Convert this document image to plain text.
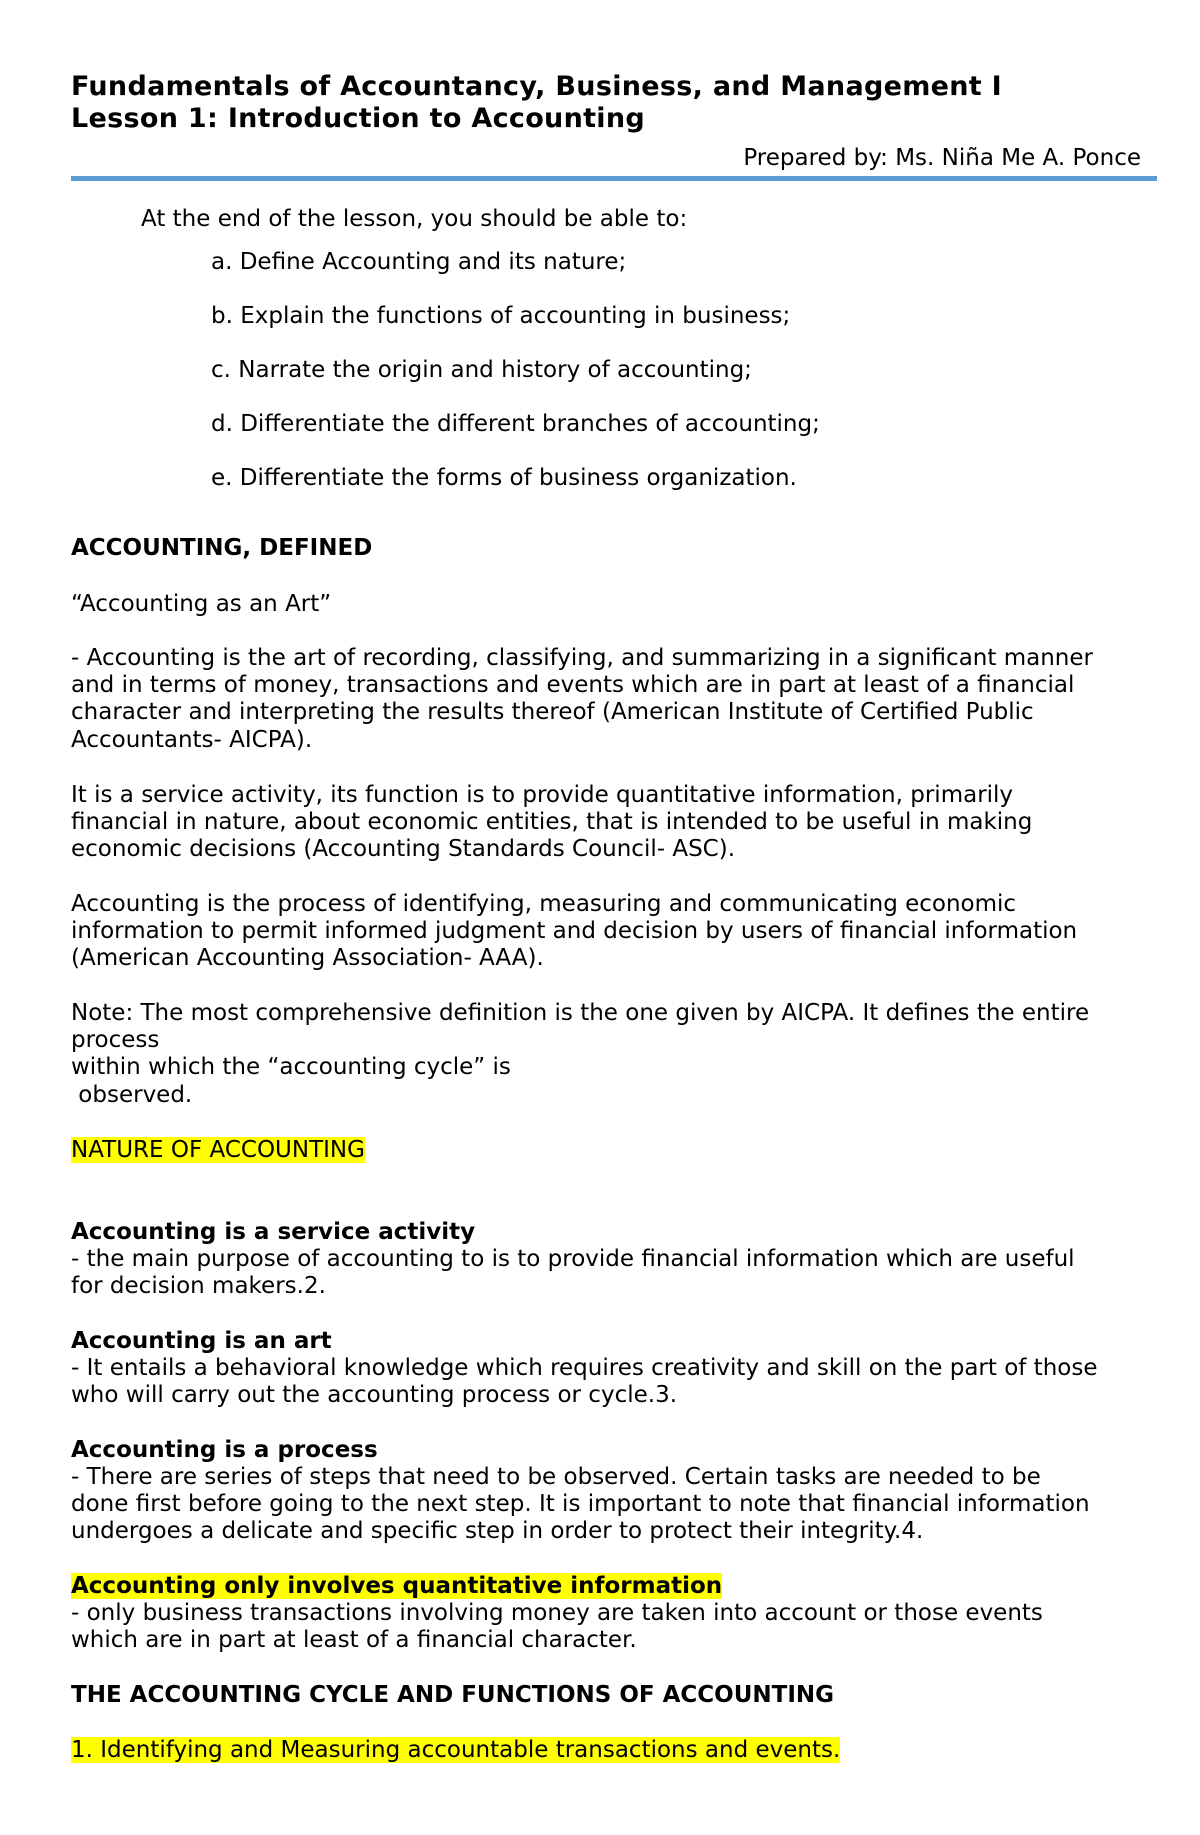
Fundamentals of Accountancy, Business, and Management I

Lesson 1: Introduction to Accounting

Prepared by: Ms. Niña Me A. Ponce

At the end of the lesson, you should be able to:

a. Define Accounting and its nature;

b. Explain the functions of accounting in business;

c. Narrate the origin and history of accounting;

d. Differentiate the different branches of accounting;

e. Differentiate the forms of business organization.

ACCOUNTING, DEFINED

“Accounting as an Art”

- Accounting is the art of recording, classifying, and summarizing in a significant manner

and in terms of money, transactions and events which are in part at least of a financial

character and interpreting the results thereof (American Institute of Certified Public

Accountants- AICPA).

It is a service activity, its function is to provide quantitative information, primarily

financial in nature, about economic entities, that is intended to be useful in making

economic decisions (Accounting Standards Council- ASC).

Accounting is the process of identifying, measuring and communicating economic

information to permit informed judgment and decision by users of financial information

(American Accounting Association- AAA).

Note: The most comprehensive definition is the one given by AICPA. It defines the entire

process

within which the “accounting cycle” is

observed.

NATURE OF ACCOUNTING

Accounting is a service activity

- the main purpose of accounting to is to provide financial information which are useful

for decision makers.2.

Accounting is an art

- It entails a behavioral knowledge which requires creativity and skill on the part of those

who will carry out the accounting process or cycle.3.

Accounting is a process

- There are series of steps that need to be observed. Certain tasks are needed to be

done first before going to the next step. It is important to note that financial information

undergoes a delicate and specific step in order to protect their integrity.4.

Accounting only involves quantitative information

- only business transactions involving money are taken into account or those events

which are in part at least of a financial character.

THE ACCOUNTING CYCLE AND FUNCTIONS OF ACCOUNTING

1. Identifying and Measuring accountable transactions and events.
